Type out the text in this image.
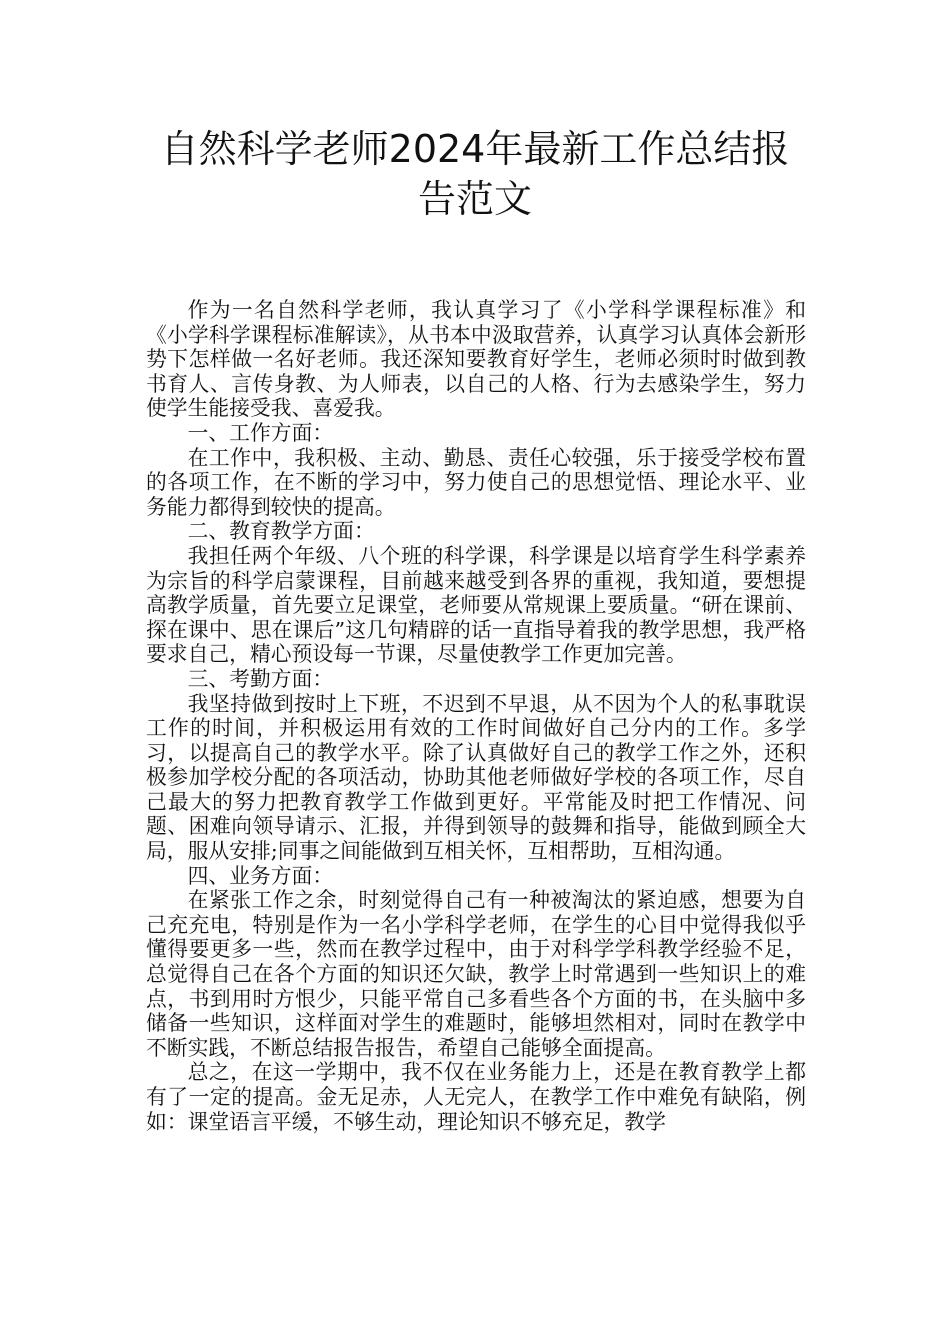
自然科学老师2024年最新工作总结报
告范文

作为一名自然科学老师，我认真学习了《小学科学课程标准》和《小学科学课程标准解读》，从书本中汲取营养，认真学习认真体会新形势下怎样做一名好老师。我还深知要教育好学生，老师必须时时做到教书育人、言传身教、为人师表，以自己的人格、行为去感染学生，努力使学生能接受我、喜爱我。

一、工作方面：

在工作中，我积极、主动、勤恳、责任心较强，乐于接受学校布置的各项工作，在不断的学习中，努力使自己的思想觉悟、理论水平、业务能力都得到较快的提高。

二、教育教学方面：

我担任两个年级、八个班的科学课，科学课是以培育学生科学素养为宗旨的科学启蒙课程，目前越来越受到各界的重视，我知道，要想提高教学质量，首先要立足课堂，老师要从常规课上要质量。“研在课前、探在课中、思在课后”这几句精辟的话一直指导着我的教学思想，我严格要求自己，精心预设每一节课，尽量使教学工作更加完善。

三、考勤方面：

我坚持做到按时上下班，不迟到不早退，从不因为个人的私事耽误工作的时间，并积极运用有效的工作时间做好自己分内的工作。多学习，以提高自己的教学水平。除了认真做好自己的教学工作之外，还积极参加学校分配的各项活动，协助其他老师做好学校的各项工作，尽自己最大的努力把教育教学工作做到更好。平常能及时把工作情况、问题、困难向领导请示、汇报，并得到领导的鼓舞和指导，能做到顾全大局，服从安排;同事之间能做到互相关怀，互相帮助，互相沟通。

四、业务方面：

在紧张工作之余，时刻觉得自己有一种被淘汰的紧迫感，想要为自己充充电，特别是作为一名小学科学老师，在学生的心目中觉得我似乎懂得要更多一些，然而在教学过程中，由于对科学学科教学经验不足，总觉得自己在各个方面的知识还欠缺，教学上时常遇到一些知识上的难点，书到用时方恨少，只能平常自己多看些各个方面的书，在头脑中多储备一些知识，这样面对学生的难题时，能够坦然相对，同时在教学中不断实践，不断总结报告报告，希望自己能够全面提高。

总之，在这一学期中，我不仅在业务能力上，还是在教育教学上都有了一定的提高。金无足赤，人无完人，在教学工作中难免有缺陷，例如：课堂语言平缓，不够生动，理论知识不够充足，教学
